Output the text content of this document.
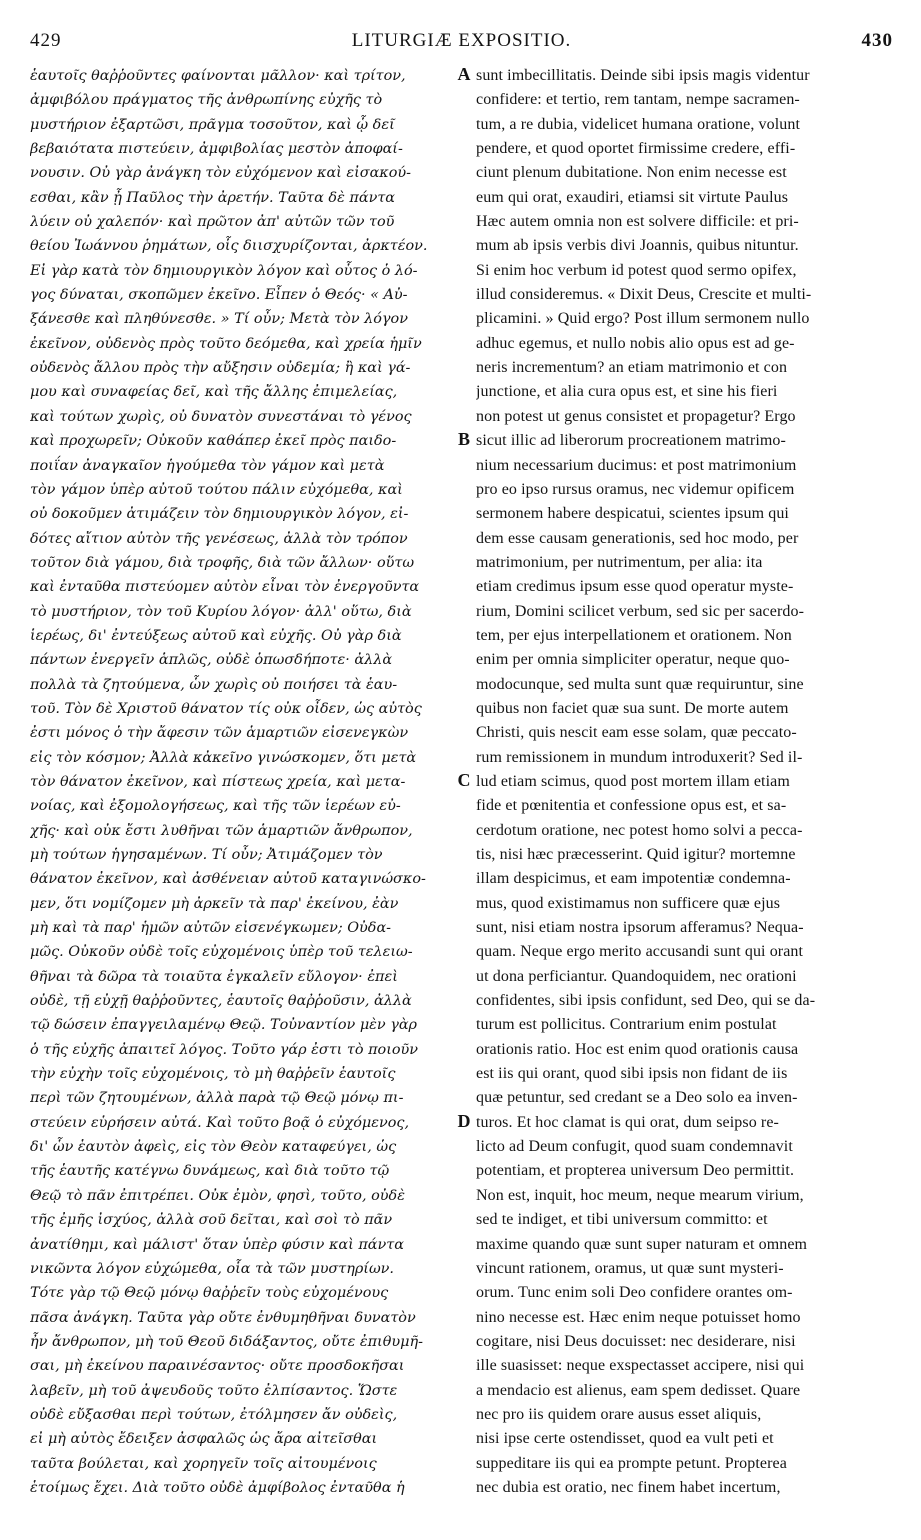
429	LITURGIÆ EXPOSITIO.	430
ἑαυτοῖς θαῤῥοῦντες φαίνονται μᾶλλον· καὶ τρίτον,
ἀμφιβόλου πράγματος τῆς ἀνθρωπίνης εὐχῆς τὸ
μυστήριον ἐξαρτῶσι, πρᾶγμα τοσοῦτον, καὶ ᾧ δεῖ
βεβαιότατα πιστεύειν, ἀμφιβολίας μεστὸν ἀποφαί-
νουσιν. Οὐ γὰρ ἀνάγκη τὸν εὐχόμενον καὶ εἰσακού-
εσθαι, κἂν ᾖ Παῦλος τὴν ἀρετήν. Ταῦτα δὲ πάντα
λύειν οὐ χαλεπόν· καὶ πρῶτον ἀπ' αὐτῶν τῶν τοῦ
θείου Ἰωάννου ῥημάτων, οἷς διισχυρίζονται, ἀρκτέον.
Εἰ γὰρ κατὰ τὸν δημιουργικὸν λόγον καὶ οὗτος ὁ λό-
γος δύναται, σκοπῶμεν ἐκεῖνο. Εἶπεν ὁ Θεός· « Αὐ-
ξάνεσθε καὶ πληθύνεσθε. » Τί οὖν; Μετὰ τὸν λόγον
ἐκεῖνον, οὐδενὸς πρὸς τοῦτο δεόμεθα, καὶ χρεία ἡμῖν
οὐδενὸς ἄλλου πρὸς τὴν αὔξησιν οὐδεμία; ἢ καὶ γά-
μου καὶ συναφείας δεῖ, καὶ τῆς ἄλλης ἐπιμελείας,
καὶ τούτων χωρὶς, οὐ δυνατὸν συνεστάναι τὸ γένος
καὶ προχωρεῖν; Οὐκοῦν καθάπερ ἐκεῖ πρὸς παιδο-
ποιΐαν ἀναγκαῖον ἡγούμεθα τὸν γάμον καὶ μετὰ
τὸν γάμον ὑπὲρ αὐτοῦ τούτου πάλιν εὐχόμεθα, καὶ
οὐ δοκοῦμεν ἀτιμάζειν τὸν δημιουργικὸν λόγον, εἰ-
δότες αἴτιον αὐτὸν τῆς γενέσεως, ἀλλὰ τὸν τρόπον
τοῦτον διὰ γάμου, διὰ τροφῆς, διὰ τῶν ἄλλων· οὕτω
καὶ ἐνταῦθα πιστεύομεν αὐτὸν εἶναι τὸν ἐνεργοῦντα
τὸ μυστήριον, τὸν τοῦ Κυρίου λόγον· ἀλλ' οὕτω, διὰ
ἱερέως, δι' ἐντεύξεως αὐτοῦ καὶ εὐχῆς. Οὐ γὰρ διὰ
πάντων ἐνεργεῖν ἁπλῶς, οὐδὲ ὁπωσδήποτε· ἀλλὰ
πολλὰ τὰ ζητούμενα, ὧν χωρὶς οὐ ποιήσει τὰ ἑαυ-
τοῦ. Τὸν δὲ Χριστοῦ θάνατον τίς οὐκ οἶδεν, ὡς αὐτὸς
ἐστι μόνος ὁ τὴν ἄφεσιν τῶν ἁμαρτιῶν εἰσενεγκὼν
εἰς τὸν κόσμον; Ἀλλὰ κἀκεῖνο γινώσκομεν, ὅτι μετὰ
τὸν θάνατον ἐκεῖνον, καὶ πίστεως χρεία, καὶ μετα-
νοίας, καὶ ἐξομολογήσεως, καὶ τῆς τῶν ἱερέων εὐ-
χῆς· καὶ οὐκ ἔστι λυθῆναι τῶν ἁμαρτιῶν ἄνθρωπον,
μὴ τούτων ἡγησαμένων. Τί οὖν; Ἀτιμάζομεν τὸν
θάνατον ἐκεῖνον, καὶ ἀσθένειαν αὐτοῦ καταγινώσκο-
μεν, ὅτι νομίζομεν μὴ ἀρκεῖν τὰ παρ' ἐκείνου, ἐὰν
μὴ καὶ τὰ παρ' ἡμῶν αὐτῶν εἰσενέγκωμεν; Οὐδα-
μῶς. Οὐκοῦν οὐδὲ τοῖς εὐχομένοις ὑπὲρ τοῦ τελειω-
θῆναι τὰ δῶρα τὰ τοιαῦτα ἐγκαλεῖν εὔλογον· ἐπεὶ
οὐδὲ, τῇ εὐχῇ θαῤῥοῦντες, ἑαυτοῖς θαῤῥοῦσιν, ἀλλὰ
τῷ δώσειν ἐπαγγειλαμένῳ Θεῷ. Τοὐναντίον μὲν γὰρ
ὁ τῆς εὐχῆς ἀπαιτεῖ λόγος. Τοῦτο γάρ ἐστι τὸ ποιοῦν
τὴν εὐχὴν τοῖς εὐχομένοις, τὸ μὴ θαῤῥεῖν ἑαυτοῖς
περὶ τῶν ζητουμένων, ἀλλὰ παρὰ τῷ Θεῷ μόνῳ πι-
στεύειν εὑρήσειν αὐτά. Καὶ τοῦτο βοᾷ ὁ εὐχόμενος,
δι' ὧν ἑαυτὸν ἀφεὶς, εἰς τὸν Θεὸν καταφεύγει, ὡς
τῆς ἑαυτῆς κατέγνω δυνάμεως, καὶ διὰ τοῦτο τῷ
Θεῷ τὸ πᾶν ἐπιτρέπει. Οὐκ ἐμὸν, φησὶ, τοῦτο, οὐδὲ
τῆς ἐμῆς ἰσχύος, ἀλλὰ σοῦ δεῖται, καὶ σοὶ τὸ πᾶν
ἀνατίθημι, καὶ μάλιστ' ὅταν ὑπὲρ φύσιν καὶ πάντα
νικῶντα λόγον εὐχώμεθα, οἷα τὰ τῶν μυστηρίων.
Τότε γὰρ τῷ Θεῷ μόνῳ θαῤῥεῖν τοὺς εὐχομένους
πᾶσα ἀνάγκη. Ταῦτα γὰρ οὔτε ἐνθυμηθῆναι δυνατὸν
ἦν ἄνθρωπον, μὴ τοῦ Θεοῦ διδάξαντος, οὔτε ἐπιθυμῆ-
σαι, μὴ ἐκείνου παραινέσαντος· οὔτε προσδοκῆσαι
λαβεῖν, μὴ τοῦ ἀψευδοῦς τοῦτο ἐλπίσαντος. Ὥστε
οὐδὲ εὔξασθαι περὶ τούτων, ἐτόλμησεν ἄν οὐδεὶς,
εἰ μὴ αὐτὸς ἔδειξεν ἀσφαλῶς ὡς ἄρα αἰτεῖσθαι
ταῦτα βούλεται, καὶ χορηγεῖν τοῖς αἰτουμένοις
ἑτοίμως ἔχει. Διὰ τοῦτο οὐδὲ ἀμφίβολος ἐνταῦθα ἡ
sunt imbecillitatis. Deinde sibi ipsis magis videntur
confidere: et tertio, rem tantam, nempe sacramen-
tum, a re dubia, videlicet humana oratione, volunt
pendere, et quod oportet firmissime credere, effi-
ciunt plenum dubitatione. Non enim necesse est
eum qui orat, exaudiri, etiamsi sit virtute Paulus
Hæc autem omnia non est solvere difficile: et pri-
mum ab ipsis verbis divi Joannis, quibus nituntur.
Si enim hoc verbum id potest quod sermo opifex,
illud consideremus. « Dixit Deus, Crescite et multi-
plicamini. » Quid ergo? Post illum sermonem nullo
adhuc egemus, et nullo nobis alio opus est ad ge-
neris incrementum? an etiam matrimonio et con
junctione, et alia cura opus est, et sine his fieri
non potest ut genus consistet et propagetur? Ergo
sicut illic ad liberorum procreationem matrimo-
nium necessarium ducimus: et post matrimonium
pro eo ipso rursus oramus, nec videmur opificem
sermonem habere despicatui, scientes ipsum qui
dem esse causam generationis, sed hoc modo, per
matrimonium, per nutrimentum, per alia: ita
etiam credimus ipsum esse quod operatur myste-
rium, Domini scilicet verbum, sed sic per sacerdo-
tem, per ejus interpellationem et orationem. Non
enim per omnia simpliciter operatur, neque quo-
modocunque, sed multa sunt quæ requiruntur, sine
quibus non faciet quæ sua sunt. De morte autem
Christi, quis nescit eam esse solam, quæ peccato-
rum remissionem in mundum introduxerit? Sed il-
lud etiam scimus, quod post mortem illam etiam
fide et pœnitentia et confessione opus est, et sa-
cerdotum oratione, nec potest homo solvi a pecca-
tis, nisi hæc præcesserint. Quid igitur? mortemne
illam despicimus, et eam impotentiæ condemna-
mus, quod existimamus non sufficere quæ ejus
sunt, nisi etiam nostra ipsorum afferamus? Nequa-
quam. Neque ergo merito accusandi sunt qui orant
ut dona perficiantur. Quandoquidem, nec orationi
confidentes, sibi ipsis confidunt, sed Deo, qui se da-
turum est pollicitus. Contrarium enim postulat
orationis ratio. Hoc est enim quod orationis causa
est iis qui orant, quod sibi ipsis non fidant de iis
quæ petuntur, sed credant se a Deo solo ea inven-
turos. Et hoc clamat is qui orat, dum seipso re-
licto ad Deum confugit, quod suam condemnavit
potentiam, et propterea universum Deo permittit.
Non est, inquit, hoc meum, neque mearum virium,
sed te indiget, et tibi universum committo: et
maxime quando quæ sunt super naturam et omnem
vincunt rationem, oramus, ut quæ sunt mysteri-
orum. Tunc enim soli Deo confidere orantes om-
nino necesse est. Hæc enim neque potuisset homo
cogitare, nisi Deus docuisset: nec desiderare, nisi
ille suasisset: neque exspectasset accipere, nisi qui
a mendacio est alienus, eam spem dedisset. Quare
nec pro iis quidem orare ausus esset aliquis,
nisi ipse certe ostendisset, quod ea vult peti et
suppeditare iis qui ea prompte petunt. Propterea
nec dubia est oratio, nec finem habet incertum,
A
B
C
D
